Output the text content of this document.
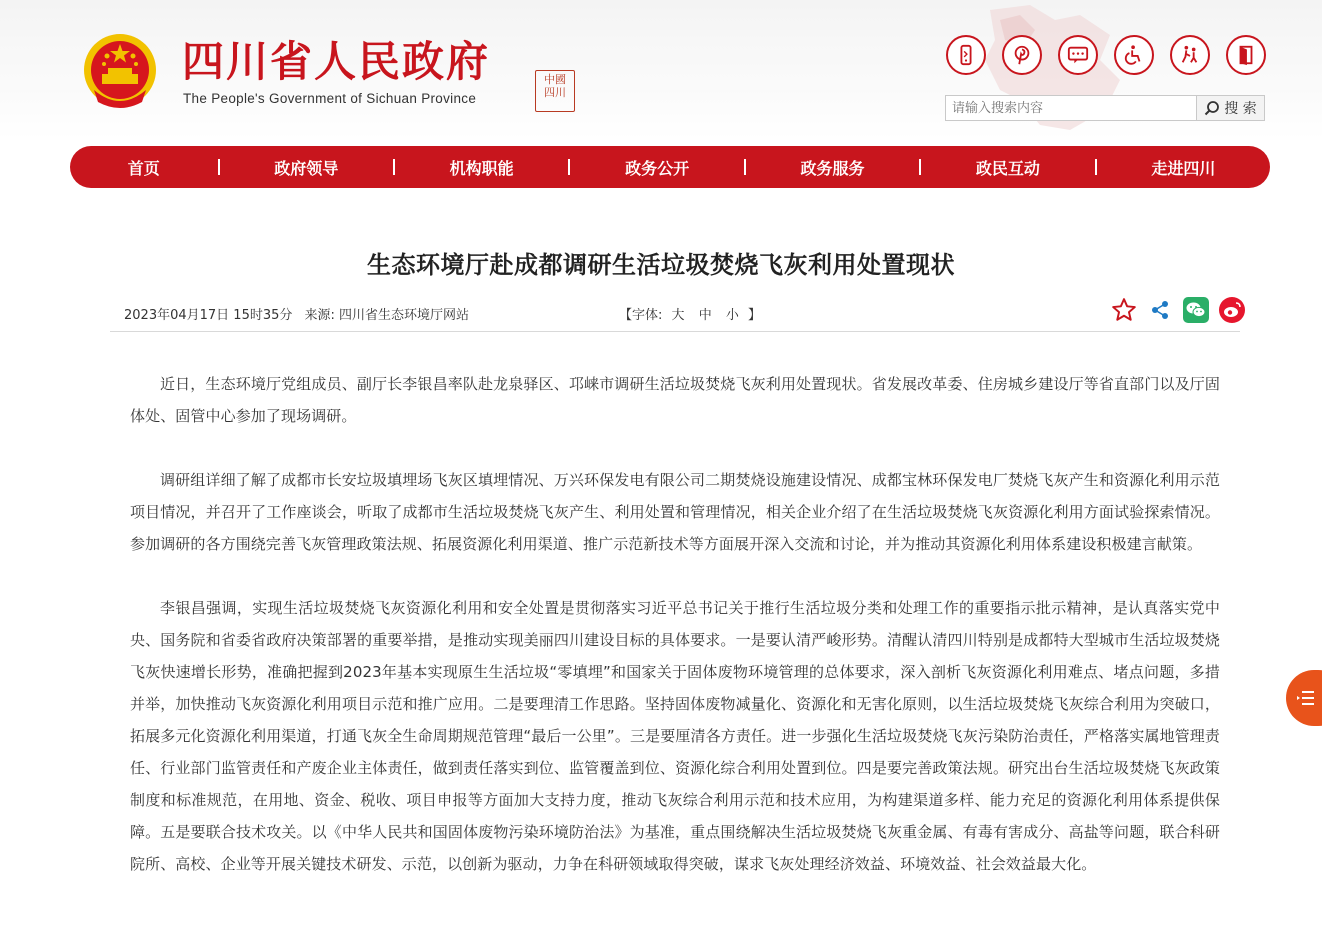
四川省人民政府
The People's Government of Sichuan Province
中國
四川
请输入搜索内容
搜 索
首页	政府领导	机构职能	政务公开	政务服务	政民互动	走进四川
生态环境厅赴成都调研生活垃圾焚烧飞灰利用处置现状
2023年04月17日 15时35分 来源: 四川省生态环境厅网站	【字体: 大 中 小 】

近日，生态环境厅党组成员、副厅长李银昌率队赴龙泉驿区、邛崃市调研生活垃圾焚烧飞灰利用处置现状。省发展改革委、住房城乡建设厅等省直部门以及厅固体处、固管中心参加了现场调研。

调研组详细了解了成都市长安垃圾填埋场飞灰区填埋情况、万兴环保发电有限公司二期焚烧设施建设情况、成都宝林环保发电厂焚烧飞灰产生和资源化利用示范项目情况，并召开了工作座谈会，听取了成都市生活垃圾焚烧飞灰产生、利用处置和管理情况，相关企业介绍了在生活垃圾焚烧飞灰资源化利用方面试验探索情况。参加调研的各方围绕完善飞灰管理政策法规、拓展资源化利用渠道、推广示范新技术等方面展开深入交流和讨论，并为推动其资源化利用体系建设积极建言献策。

李银昌强调，实现生活垃圾焚烧飞灰资源化利用和安全处置是贯彻落实习近平总书记关于推行生活垃圾分类和处理工作的重要指示批示精神，是认真落实党中央、国务院和省委省政府决策部署的重要举措，是推动实现美丽四川建设目标的具体要求。一是要认清严峻形势。清醒认清四川特别是成都特大型城市生活垃圾焚烧飞灰快速增长形势，准确把握到2023年基本实现原生生活垃圾“零填埋”和国家关于固体废物环境管理的总体要求，深入剖析飞灰资源化利用难点、堵点问题，多措并举，加快推动飞灰资源化利用项目示范和推广应用。二是要理清工作思路。坚持固体废物减量化、资源化和无害化原则，以生活垃圾焚烧飞灰综合利用为突破口，拓展多元化资源化利用渠道，打通飞灰全生命周期规范管理“最后一公里”。三是要厘清各方责任。进一步强化生活垃圾焚烧飞灰污染防治责任，严格落实属地管理责任、行业部门监管责任和产废企业主体责任，做到责任落实到位、监管覆盖到位、资源化综合利用处置到位。四是要完善政策法规。研究出台生活垃圾焚烧飞灰政策制度和标准规范，在用地、资金、税收、项目申报等方面加大支持力度，推动飞灰综合利用示范和技术应用，为构建渠道多样、能力充足的资源化利用体系提供保障。五是要联合技术攻关。以《中华人民共和国固体废物污染环境防治法》为基准，重点围绕解决生活垃圾焚烧飞灰重金属、有毒有害成分、高盐等问题，联合科研院所、高校、企业等开展关键技术研发、示范，以创新为驱动，力争在科研领域取得突破，谋求飞灰处理经济效益、环境效益、社会效益最大化。
